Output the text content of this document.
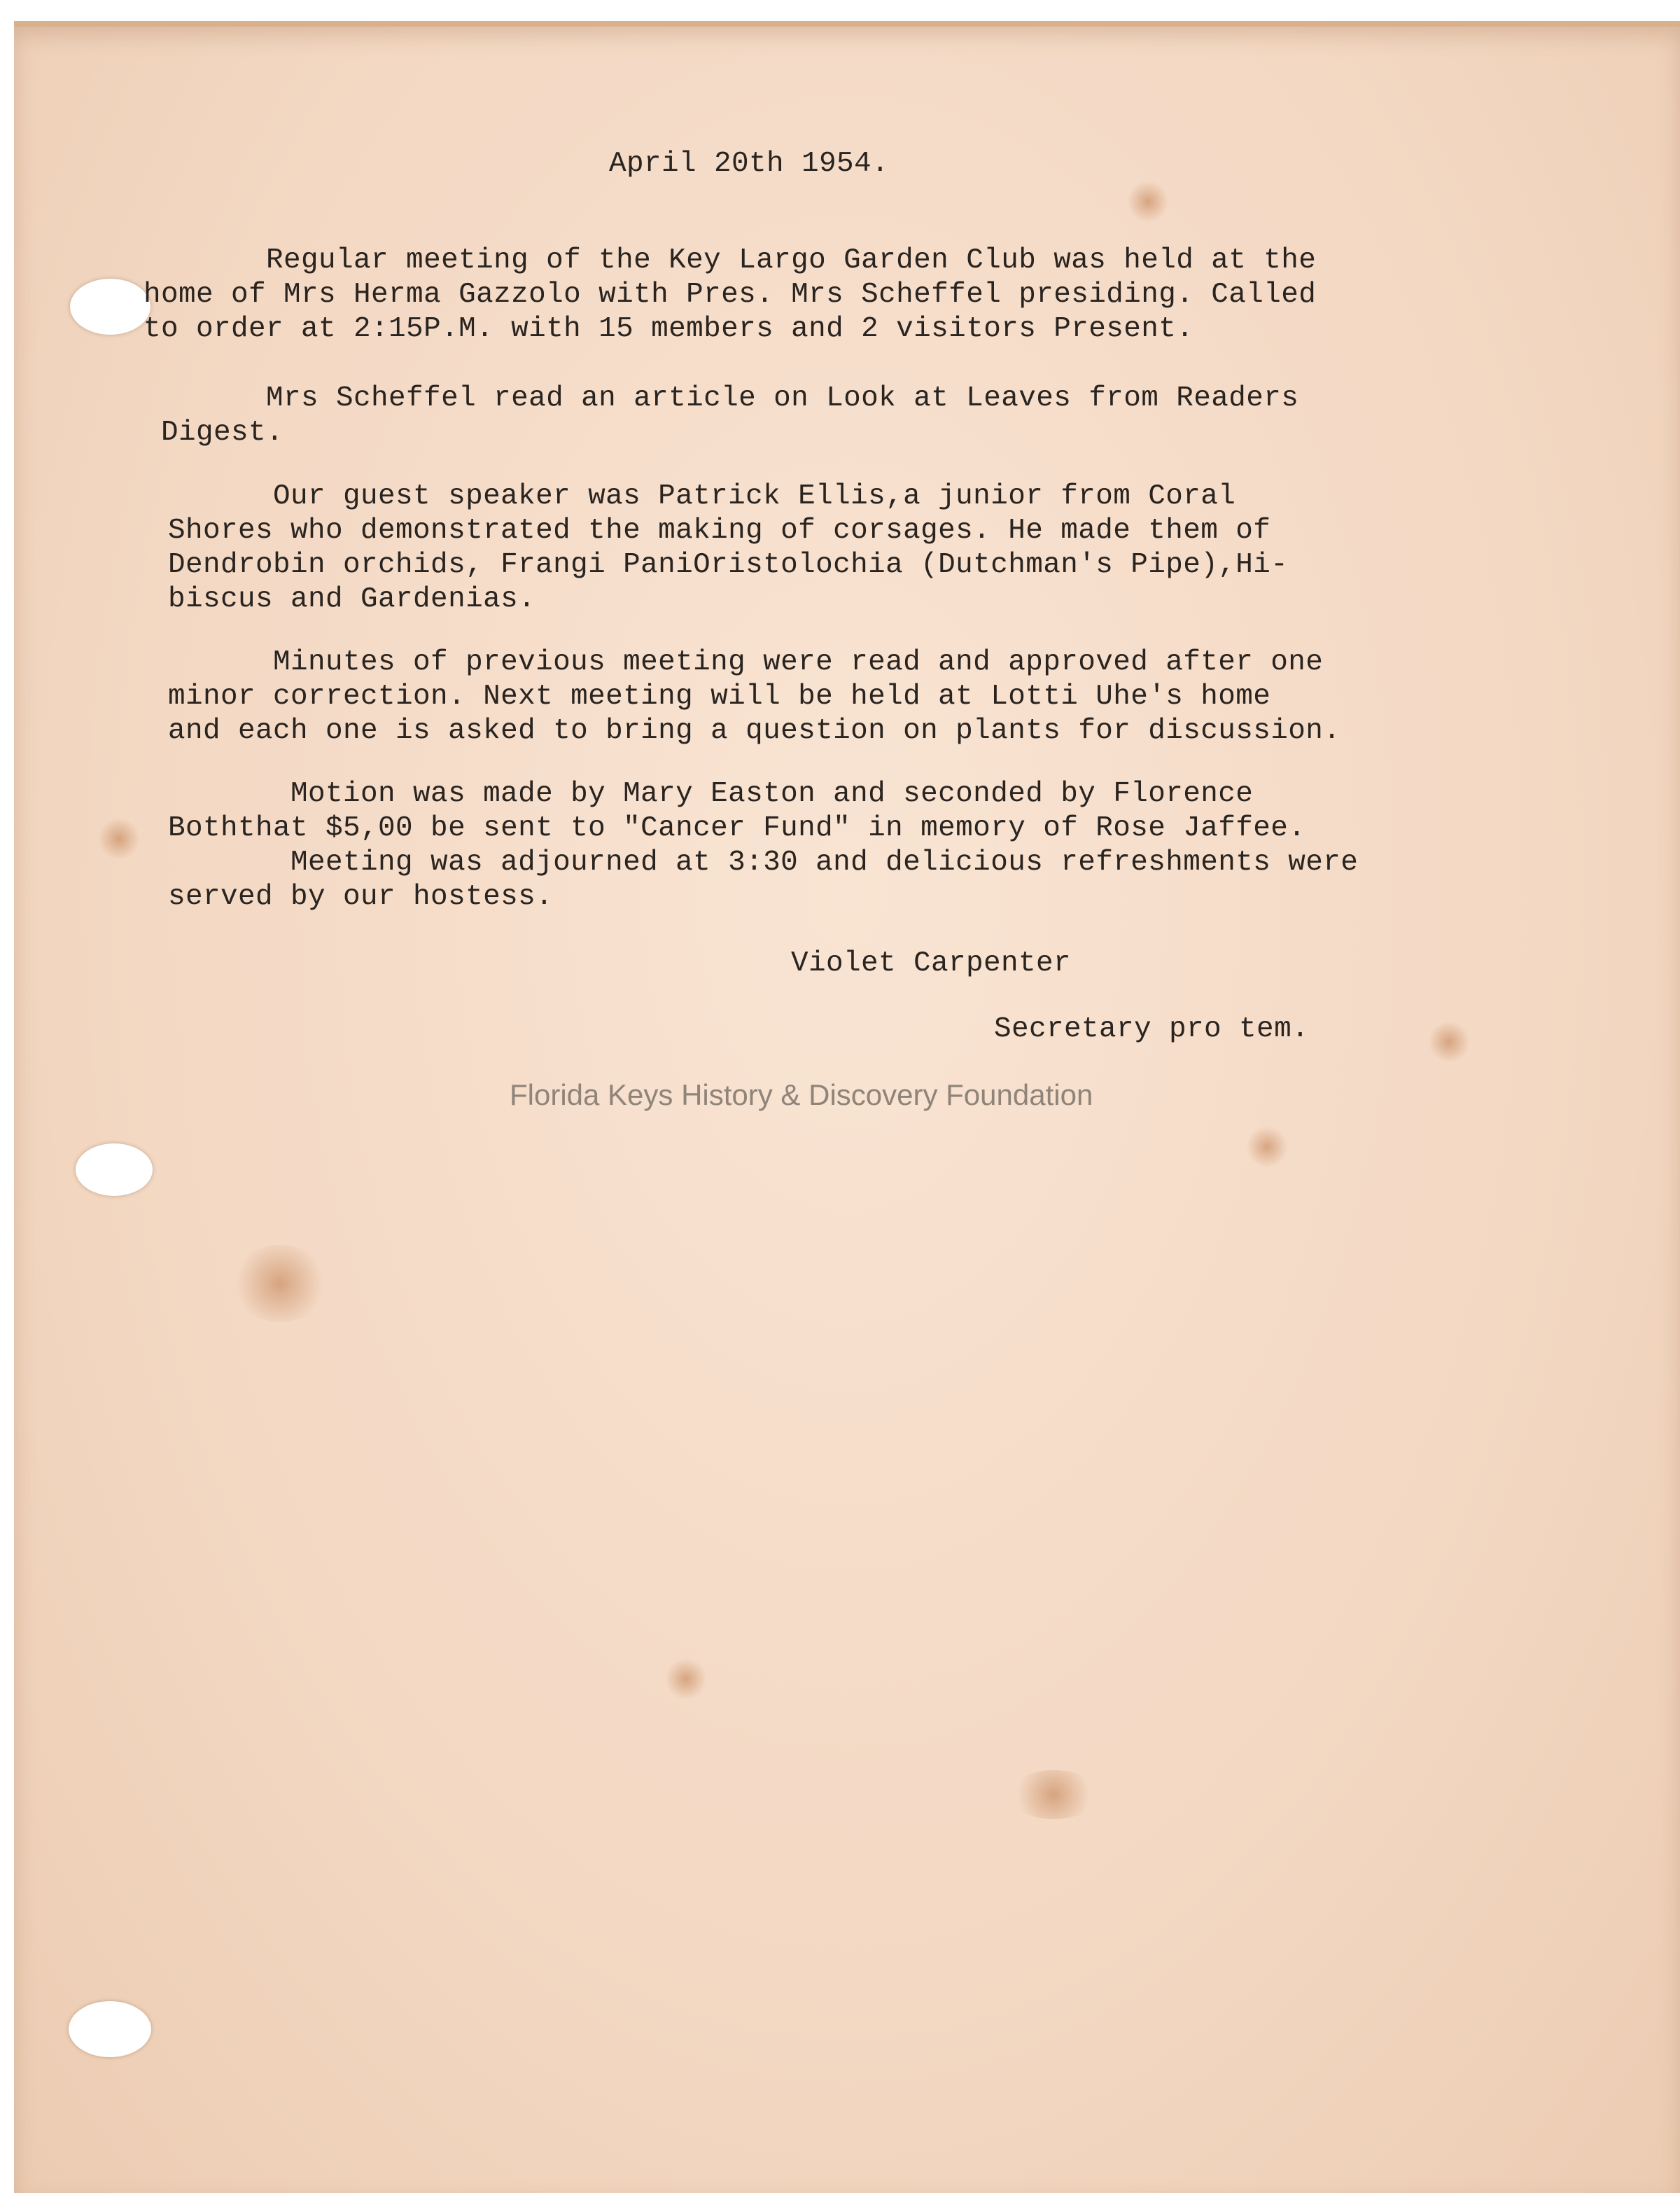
April 20th 1954.

Regular meeting of the Key Largo Garden Club was held at the
home of Mrs Herma Gazzolo with Pres. Mrs Scheffel presiding. Called
to order at 2:15P.M. with 15 members and 2 visitors Present.

Mrs Scheffel read an article on Look at Leaves from Readers
Digest.

Our guest speaker was Patrick Ellis,a junior from Coral
Shores who demonstrated the making of corsages. He made them of
Dendrobin orchids, Frangi PaniOristolochia (Dutchman's Pipe),Hi-
biscus and Gardenias.

Minutes of previous meeting were read and approved after one
minor correction. Next meeting will be held at Lotti Uhe's home
and each one is asked to bring a question on plants for discussion.

Motion was made by Mary Easton and seconded by Florence
Boththat $5,00 be sent to "Cancer Fund" in memory of Rose Jaffee.
Meeting was adjourned at 3:30 and delicious refreshments were
served by our hostess.

Violet Carpenter

Secretary pro tem.

Florida Keys History & Discovery Foundation
